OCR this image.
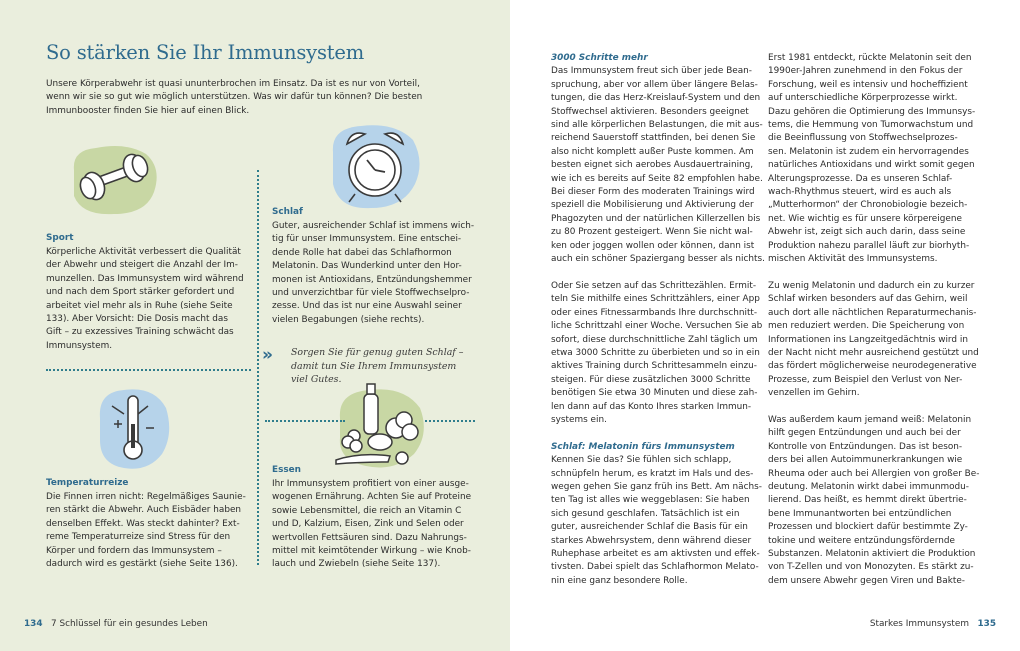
So stärken Sie Ihr Immunsystem

Unsere Körperabwehr ist quasi ununterbrochen im Einsatz. Da ist es nur von Vorteil, wenn wir sie so gut wie möglich unterstützen. Was wir dafür tun können? Die besten Immunbooster finden Sie hier auf einen Blick.

Sport

Körperliche Aktivität verbessert die Qualität
der Abwehr und steigert die Anzahl der Im-
munzellen. Das Immunsystem wird während
und nach dem Sport stärker gefordert und
arbeitet viel mehr als in Ruhe (siehe Seite
133). Aber Vorsicht: Die Dosis macht das
Gift – zu exzessives Training schwächt das
Immunsystem.

Schlaf

Guter, ausreichender Schlaf ist immens wich-
tig für unser Immunsystem. Eine entschei-
dende Rolle hat dabei das Schlafhormon
Melatonin. Das Wunderkind unter den Hor-
monen ist Antioxidans, Entzündungshemmer
und unverzichtbar für viele Stoffwechselpro-
zesse. Und das ist nur eine Auswahl seiner
vielen Begabungen (siehe rechts).

» Sorgen Sie für genug guten Schlaf –
damit tun Sie Ihrem Immunsystem
viel Gutes.

Temperaturreize

Die Finnen irren nicht: Regelmäßiges Saunie-
ren stärkt die Abwehr. Auch Eisbäder haben
denselben Effekt. Was steckt dahinter? Ext-
reme Temperaturreize sind Stress für den
Körper und fordern das Immunsystem –
dadurch wird es gestärkt (siehe Seite 136).

Essen

Ihr Immunsystem profitiert von einer ausge-
wogenen Ernährung. Achten Sie auf Proteine
sowie Lebensmittel, die reich an Vitamin C
und D, Kalzium, Eisen, Zink und Selen oder
wertvollen Fettsäuren sind. Dazu Nahrungs-
mittel mit keimtötender Wirkung – wie Knob-
lauch und Zwiebeln (siehe Seite 137).

134 7 Schlüssel für ein gesundes Leben

3000 Schritte mehr

Das Immunsystem freut sich über jede Bean-
spruchung, aber vor allem über längere Belas-
tungen, die das Herz-Kreislauf-System und den
Stoffwechsel aktivieren. Besonders geeignet
sind alle körperlichen Belastungen, die mit aus-
reichend Sauerstoff stattfinden, bei denen Sie
also nicht komplett außer Puste kommen. Am
besten eignet sich aerobes Ausdauertraining,
wie ich es bereits auf Seite 82 empfohlen habe.
Bei dieser Form des moderaten Trainings wird
speziell die Mobilisierung und Aktivierung der
Phagozyten und der natürlichen Killerzellen bis
zu 80 Prozent gesteigert. Wenn Sie nicht wal-
ken oder joggen wollen oder können, dann ist
auch ein schöner Spaziergang besser als nichts.

Oder Sie setzen auf das Schrittezählen. Ermit-
teln Sie mithilfe eines Schrittzählers, einer App
oder eines Fitnessarmbands Ihre durchschnitt-
liche Schrittzahl einer Woche. Versuchen Sie ab
sofort, diese durchschnittliche Zahl täglich um
etwa 3000 Schritte zu überbieten und so in ein
aktives Training durch Schrittesammeln einzu-
steigen. Für diese zusätzlichen 3000 Schritte
benötigen Sie etwa 30 Minuten und diese zah-
len dann auf das Konto Ihres starken Immun-
systems ein.

Schlaf: Melatonin fürs Immunsystem

Kennen Sie das? Sie fühlen sich schlapp,
schnüpfeln herum, es kratzt im Hals und des-
wegen gehen Sie ganz früh ins Bett. Am nächs-
ten Tag ist alles wie weggeblasen: Sie haben
sich gesund geschlafen. Tatsächlich ist ein
guter, ausreichender Schlaf die Basis für ein
starkes Abwehrsystem, denn während dieser
Ruhephase arbeitet es am aktivsten und effek-
tivsten. Dabei spielt das Schlafhormon Melato-
nin eine ganz besondere Rolle.

Erst 1981 entdeckt, rückte Melatonin seit den
1990er-Jahren zunehmend in den Fokus der
Forschung, weil es intensiv und hocheffizient
auf unterschiedliche Körperprozesse wirkt.
Dazu gehören die Optimierung des Immunsys-
tems, die Hemmung von Tumorwachstum und
die Beeinflussung von Stoffwechselprozes-
sen. Melatonin ist zudem ein hervorragendes
natürliches Antioxidans und wirkt somit gegen
Alterungsprozesse. Da es unseren Schlaf-
wach-Rhythmus steuert, wird es auch als
„Mutterhormon“ der Chronobiologie bezeich-
net. Wie wichtig es für unsere körpereigene
Abwehr ist, zeigt sich auch darin, dass seine
Produktion nahezu parallel läuft zur biorhyth-
mischen Aktivität des Immunsystems.

Zu wenig Melatonin und dadurch ein zu kurzer
Schlaf wirken besonders auf das Gehirn, weil
auch dort alle nächtlichen Reparaturmechanis-
men reduziert werden. Die Speicherung von
Informationen ins Langzeitgedächtnis wird in
der Nacht nicht mehr ausreichend gestützt und
das fördert möglicherweise neurodegenerative
Prozesse, zum Beispiel den Verlust von Ner-
venzellen im Gehirn.

Was außerdem kaum jemand weiß: Melatonin
hilft gegen Entzündungen und auch bei der
Kontrolle von Entzündungen. Das ist beson-
ders bei allen Autoimmunerkrankungen wie
Rheuma oder auch bei Allergien von großer Be-
deutung. Melatonin wirkt dabei immunmodu-
lierend. Das heißt, es hemmt direkt übertrie-
bene Immunantworten bei entzündlichen
Prozessen und blockiert dafür bestimmte Zy-
tokine und weitere entzündungsfördernde
Substanzen. Melatonin aktiviert die Produktion
von T-Zellen und von Monozyten. Es stärkt zu-
dem unsere Abwehr gegen Viren und Bakte-

Starkes Immunsystem 135
